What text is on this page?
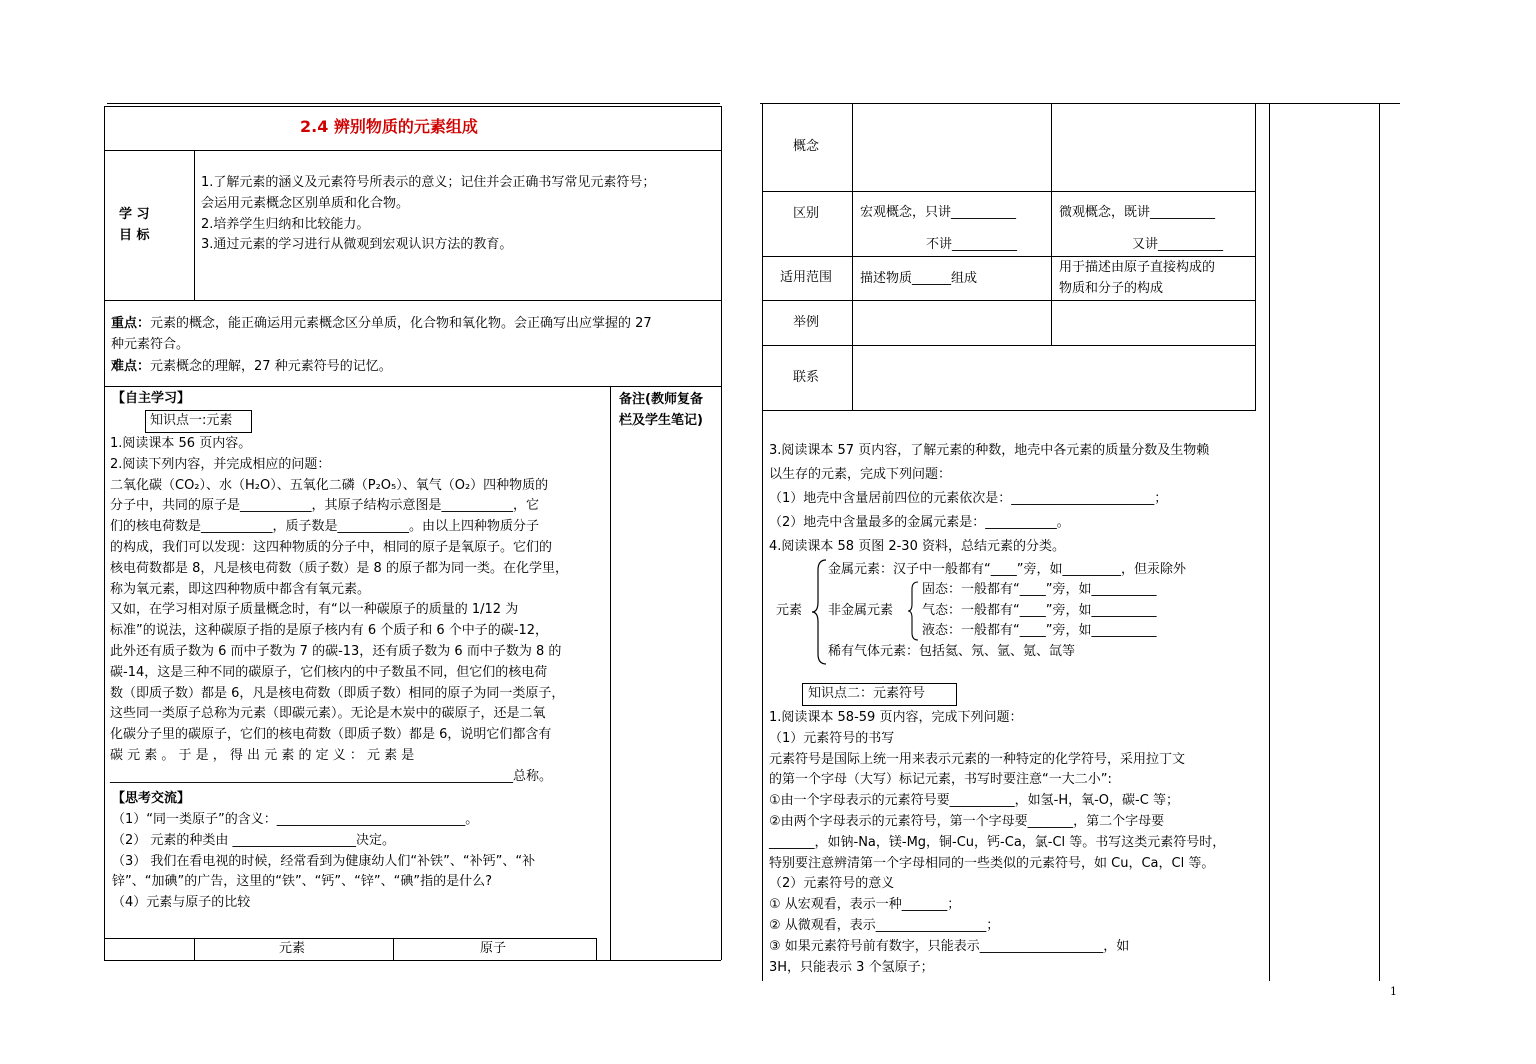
2.4 辨别物质的元素组成
学 习
目 标
1.了解元素的涵义及元素符号所表示的意义；记住并会正确书写常见元素符号；
会运用元素概念区别单质和化合物。
2.培养学生归纳和比较能力。
3.通过元素的学习进行从微观到宏观认识方法的教育。
重点：元素的概念，能正确运用元素概念区分单质，化合物和氧化物。会正确写出应掌握的 27
种元素符合。
难点：元素概念的理解，27 种元素符号的记忆。
【自主学习】	备注(教师复备
栏及学生笔记)
知识点一:元素
1.阅读课本 56 页内容。
2.阅读下列内容，并完成相应的问题：
二氧化碳（CO₂）、水（H₂O）、五氧化二磷（P₂O₅）、氧气（O₂）四种物质的
分子中，共同的原子是___________，其原子结构示意图是___________，它
们的核电荷数是___________，质子数是___________。由以上四种物质分子
的构成，我们可以发现：这四种物质的分子中，相同的原子是氧原子。它们的
核电荷数都是 8，凡是核电荷数（质子数）是 8 的原子都为同一类。在化学里，
称为氧元素，即这四种物质中都含有氧元素。
又如，在学习相对原子质量概念时，有“以一种碳原子的质量的 1/12 为
标准”的说法，这种碳原子指的是原子核内有 6 个质子和 6 个中子的碳-12，
此外还有质子数为 6 而中子数为 7 的碳-13，还有质子数为 6 而中子数为 8 的
碳-14，这是三种不同的碳原子，它们核内的中子数虽不同，但它们的核电荷
数（即质子数）都是 6，凡是核电荷数（即质子数）相同的原子为同一类原子，
这些同一类原子总称为元素（即碳元素）。无论是木炭中的碳原子，还是二氧
化碳分子里的碳原子，它们的核电荷数（即质子数）都是 6，说明它们都含有
碳 元 素 。 于 是 ， 得 出 元 素 的 定 义 ： 元 素 是
______________________________________________________________总称。
【思考交流】
（1）“同一类原子”的含义：_____________________________。
（2） 元素的种类由 ___________________决定。
（3） 我们在看电视的时候，经常看到为健康幼人们“补铁”、“补钙”、“补
锌”、“加碘”的广告，这里的“铁”、“钙”、“锌”、“碘”指的是什么?
（4）元素与原子的比较
元素	原子
概念
区别
适用范围
举例
联系
宏观概念，只讲__________
不讲__________
微观概念，既讲__________
又讲__________
描述物质______组成
用于描述由原子直接构成的
物质和分子的构成
3.阅读课本 57 页内容，了解元素的种数，地壳中各元素的质量分数及生物赖
以生存的元素，完成下列问题：
（1）地壳中含量居前四位的元素依次是：______________________；
（2）地壳中含量最多的金属元素是：___________。
4.阅读课本 58 页图 2-30 资料，总结元素的分类。
元素
金属元素：汉子中一般都有“____”旁，如_________，但汞除外
非金属元素
固态：一般都有“____”旁，如__________
气态：一般都有“____”旁，如__________
液态：一般都有“____”旁，如__________
稀有气体元素：包括氦、氖、氩、氪、氙等
知识点二：元素符号
1.阅读课本 58-59 页内容，完成下列问题：
（1）元素符号的书写
元素符号是国际上统一用来表示元素的一种特定的化学符号，采用拉丁文
的第一个字母（大写）标记元素，书写时要注意“一大二小”:
①由一个字母表示的元素符号要__________，如氢-H，氧-O，碳-C 等；
②由两个字母表示的元素符号，第一个字母要_______，第二个字母要
_______，如钠-Na，镁-Mg，铜-Cu，钙-Ca，氯-Cl 等。书写这类元素符号时，
特别要注意辨清第一个字母相同的一些类似的元素符号，如 Cu，Ca，Cl 等。
（2）元素符号的意义
① 从宏观看，表示一种_______；
② 从微观看，表示_________________；
③ 如果元素符号前有数字，只能表示___________________，如
3H，只能表示 3 个氢原子；
1
